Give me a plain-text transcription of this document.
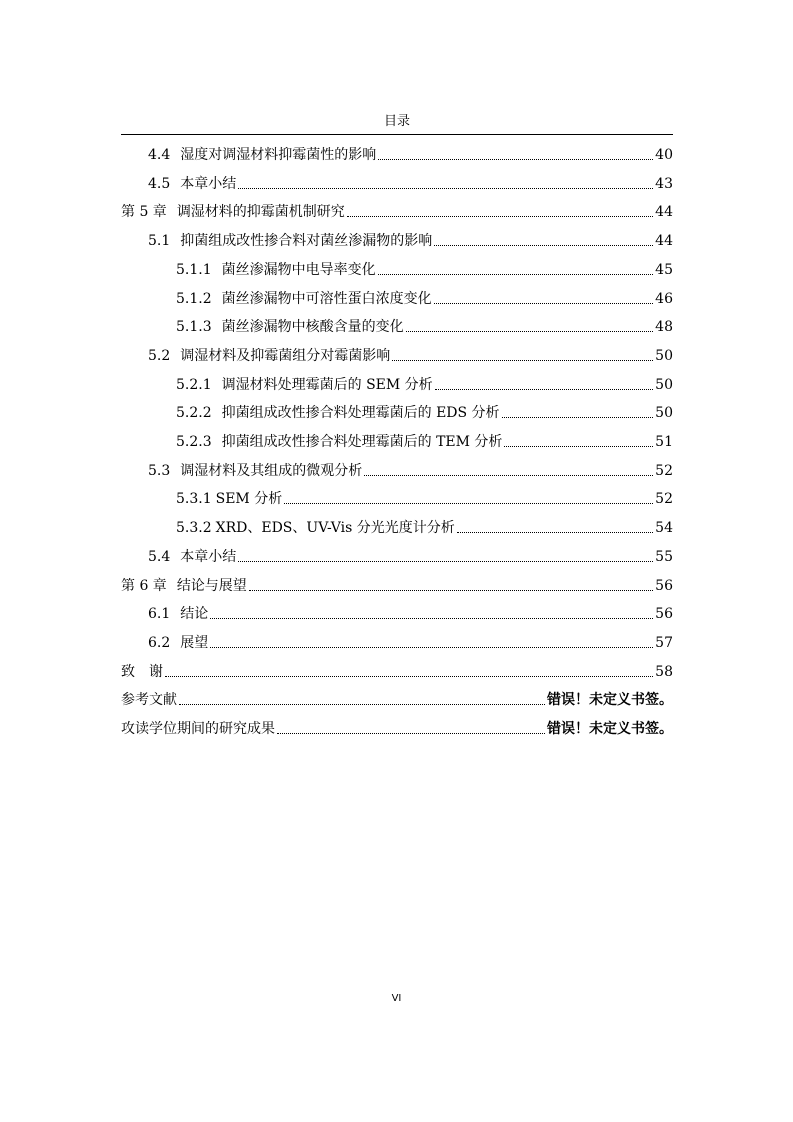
目录
4.4 湿度对调湿材料抑霉菌性的影响	40
4.5 本章小结	43
第 5 章 调湿材料的抑霉菌机制研究	44
5.1 抑菌组成改性掺合料对菌丝渗漏物的影响	44
5.1.1 菌丝渗漏物中电导率变化	45
5.1.2 菌丝渗漏物中可溶性蛋白浓度变化	46
5.1.3 菌丝渗漏物中核酸含量的变化	48
5.2 调湿材料及抑霉菌组分对霉菌影响	50
5.2.1 调湿材料处理霉菌后的 SEM 分析	50
5.2.2 抑菌组成改性掺合料处理霉菌后的 EDS 分析	50
5.2.3 抑菌组成改性掺合料处理霉菌后的 TEM 分析	51
5.3 调湿材料及其组成的微观分析	52
5.3.1 SEM 分析	52
5.3.2 XRD、EDS、UV-Vis 分光光度计分析	54
5.4 本章小结	55
第 6 章 结论与展望	56
6.1 结论	56
6.2 展望	57
致　谢	58
参考文献	错误！未定义书签。
攻读学位期间的研究成果	错误！未定义书签。
VI
